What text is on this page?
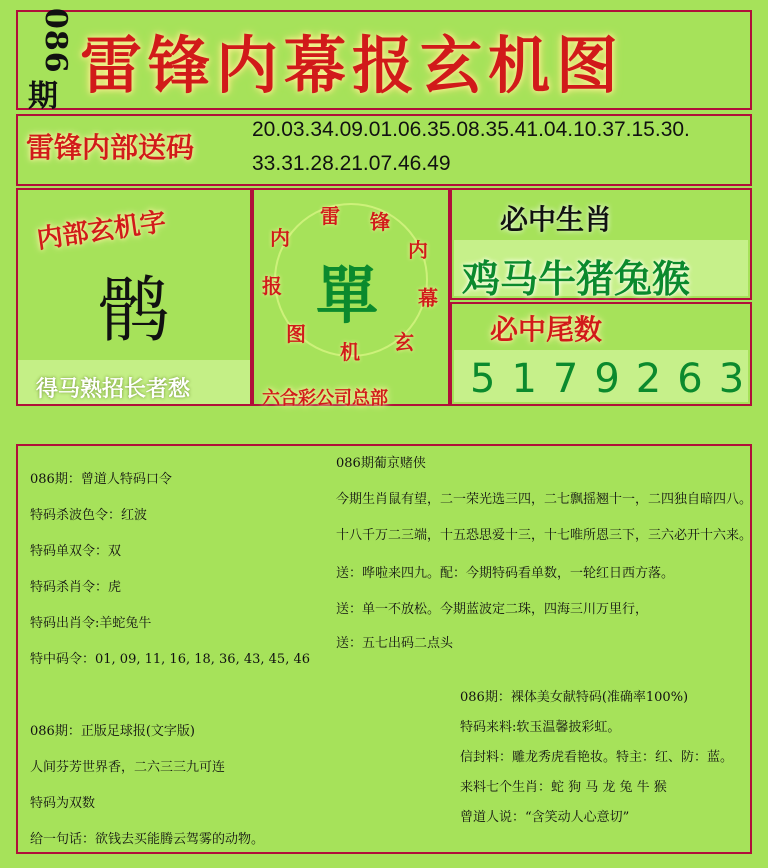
086
期 雷锋内幕报玄机图
雷锋内部送码
20.03.34.09.01.06.35.08.35.41.04.10.37.15.30.
33.31.28.21.07.46.49
内部玄机字
鹘
得马熟招长者愁
雷 锋
内
幕
玄
机
图
报
内
單
六合彩公司总部
必中生肖
鸡马牛猪兔猴
必中尾数
5179263
086期：曾道人特码口令
特码杀波色令：红波
特码单双令：双
特码杀肖令：虎
特码出肖令:羊蛇兔牛
特中码令：01, 09, 11, 16, 18, 36, 43, 45, 46
086期：正版足球报(文字版)
人间芬芳世界香，二六三三九可连
特码为双数
给一句话：欲钱去买能腾云驾雾的动物。
086期葡京赌侠
今期生肖鼠有望，二一荣光选三四，二七飘摇翘十一，二四独自暗四八。
十八千万二三端，十五恐思爱十三，十七唯所恩三下，三六必开十六来。
送：哗啦来四九。配：今期特码看单数，一轮红日西方落。
送：单一不放松。今期蓝波定二珠，四海三川万里行，
送：五七出码二点头
086期：裸体美女献特码(准确率100%)
特码来料:软玉温馨披彩虹。
信封料：雕龙秀虎看艳妆。特主：红、防：蓝。
来料七个生肖：蛇 狗 马 龙 兔 牛 猴
曾道人说：“含笑动人心意切”
